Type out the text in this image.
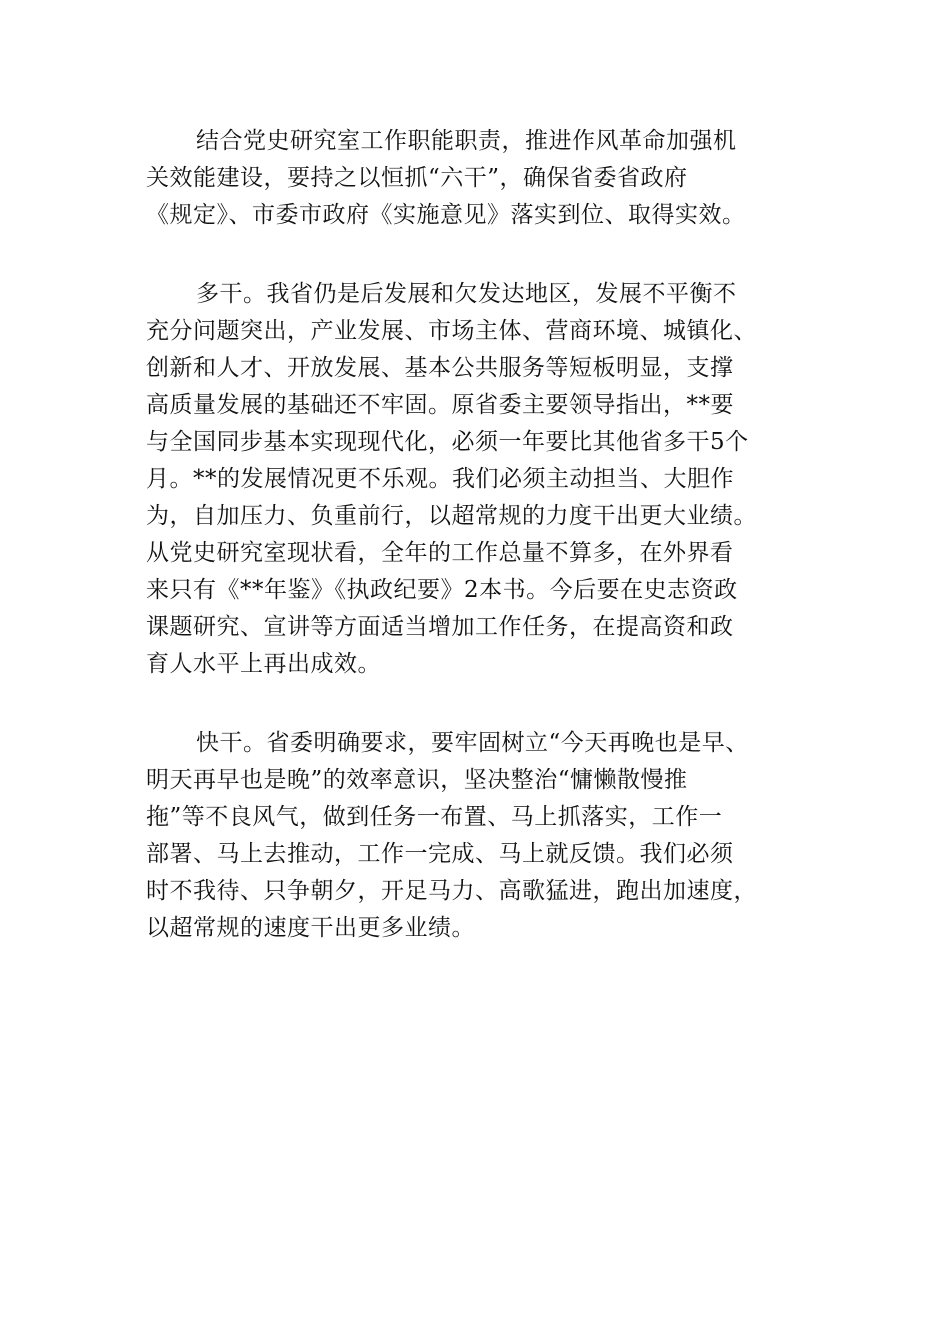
结合党史研究室工作职能职责，推进作风革命加强机
关效能建设，要持之以恒抓“六干”，确保省委省政府
《规定》、市委市政府《实施意见》落实到位、取得实效。

多干。我省仍是后发展和欠发达地区，发展不平衡不
充分问题突出，产业发展、市场主体、营商环境、城镇化、
创新和人才、开放发展、基本公共服务等短板明显，支撑
高质量发展的基础还不牢固。原省委主要领导指出，**要
与全国同步基本实现现代化，必须一年要比其他省多干5个
月。**的发展情况更不乐观。我们必须主动担当、大胆作
为，自加压力、负重前行，以超常规的力度干出更大业绩。
从党史研究室现状看，全年的工作总量不算多，在外界看
来只有《**年鉴》《执政纪要》2本书。今后要在史志资政
课题研究、宣讲等方面适当增加工作任务，在提高资和政
育人水平上再出成效。

快干。省委明确要求，要牢固树立“今天再晚也是早、
明天再早也是晚”的效率意识，坚决整治“慵懒散慢推
拖”等不良风气，做到任务一布置、马上抓落实，工作一
部署、马上去推动，工作一完成、马上就反馈。我们必须
时不我待、只争朝夕，开足马力、高歌猛进，跑出加速度，
以超常规的速度干出更多业绩。
